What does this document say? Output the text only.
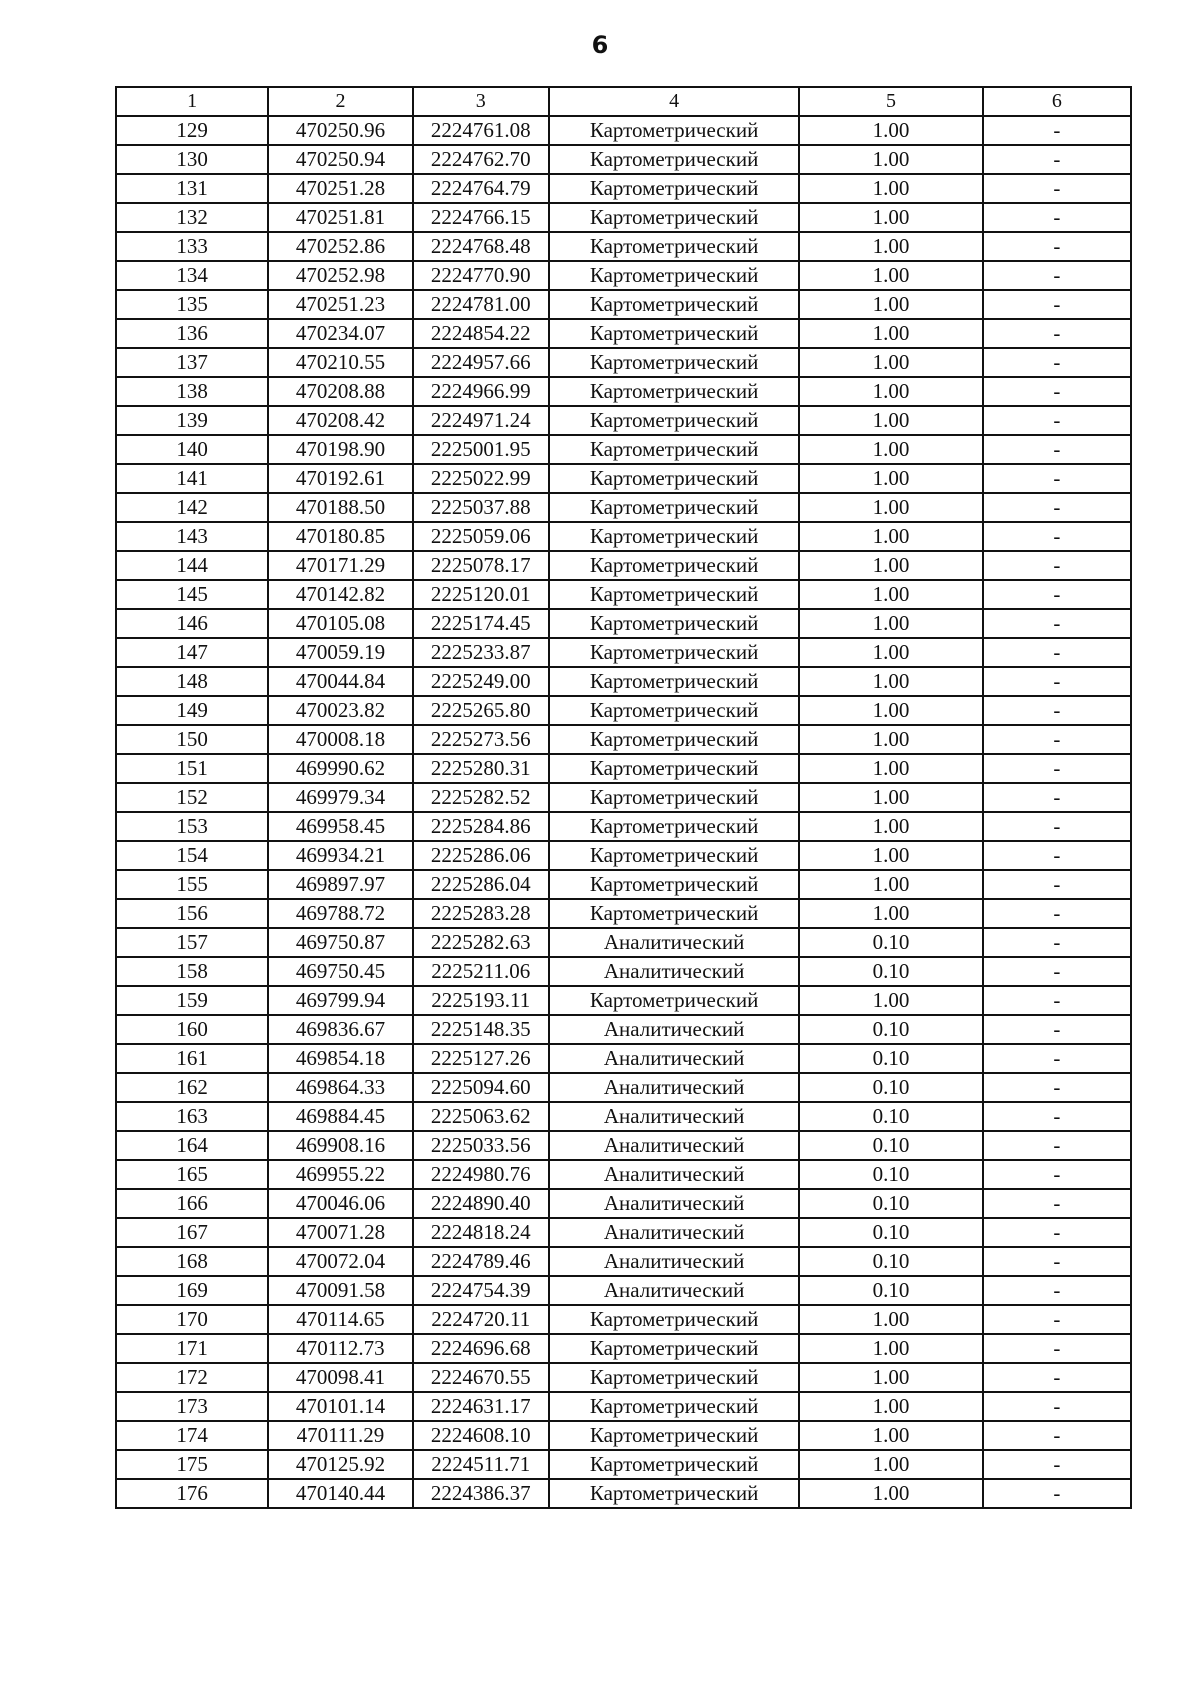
6
1	2	3	4	5	6
129	470250.96	2224761.08	Картометрический	1.00	-
130	470250.94	2224762.70	Картометрический	1.00	-
131	470251.28	2224764.79	Картометрический	1.00	-
132	470251.81	2224766.15	Картометрический	1.00	-
133	470252.86	2224768.48	Картометрический	1.00	-
134	470252.98	2224770.90	Картометрический	1.00	-
135	470251.23	2224781.00	Картометрический	1.00	-
136	470234.07	2224854.22	Картометрический	1.00	-
137	470210.55	2224957.66	Картометрический	1.00	-
138	470208.88	2224966.99	Картометрический	1.00	-
139	470208.42	2224971.24	Картометрический	1.00	-
140	470198.90	2225001.95	Картометрический	1.00	-
141	470192.61	2225022.99	Картометрический	1.00	-
142	470188.50	2225037.88	Картометрический	1.00	-
143	470180.85	2225059.06	Картометрический	1.00	-
144	470171.29	2225078.17	Картометрический	1.00	-
145	470142.82	2225120.01	Картометрический	1.00	-
146	470105.08	2225174.45	Картометрический	1.00	-
147	470059.19	2225233.87	Картометрический	1.00	-
148	470044.84	2225249.00	Картометрический	1.00	-
149	470023.82	2225265.80	Картометрический	1.00	-
150	470008.18	2225273.56	Картометрический	1.00	-
151	469990.62	2225280.31	Картометрический	1.00	-
152	469979.34	2225282.52	Картометрический	1.00	-
153	469958.45	2225284.86	Картометрический	1.00	-
154	469934.21	2225286.06	Картометрический	1.00	-
155	469897.97	2225286.04	Картометрический	1.00	-
156	469788.72	2225283.28	Картометрический	1.00	-
157	469750.87	2225282.63	Аналитический	0.10	-
158	469750.45	2225211.06	Аналитический	0.10	-
159	469799.94	2225193.11	Картометрический	1.00	-
160	469836.67	2225148.35	Аналитический	0.10	-
161	469854.18	2225127.26	Аналитический	0.10	-
162	469864.33	2225094.60	Аналитический	0.10	-
163	469884.45	2225063.62	Аналитический	0.10	-
164	469908.16	2225033.56	Аналитический	0.10	-
165	469955.22	2224980.76	Аналитический	0.10	-
166	470046.06	2224890.40	Аналитический	0.10	-
167	470071.28	2224818.24	Аналитический	0.10	-
168	470072.04	2224789.46	Аналитический	0.10	-
169	470091.58	2224754.39	Аналитический	0.10	-
170	470114.65	2224720.11	Картометрический	1.00	-
171	470112.73	2224696.68	Картометрический	1.00	-
172	470098.41	2224670.55	Картометрический	1.00	-
173	470101.14	2224631.17	Картометрический	1.00	-
174	470111.29	2224608.10	Картометрический	1.00	-
175	470125.92	2224511.71	Картометрический	1.00	-
176	470140.44	2224386.37	Картометрический	1.00	-
